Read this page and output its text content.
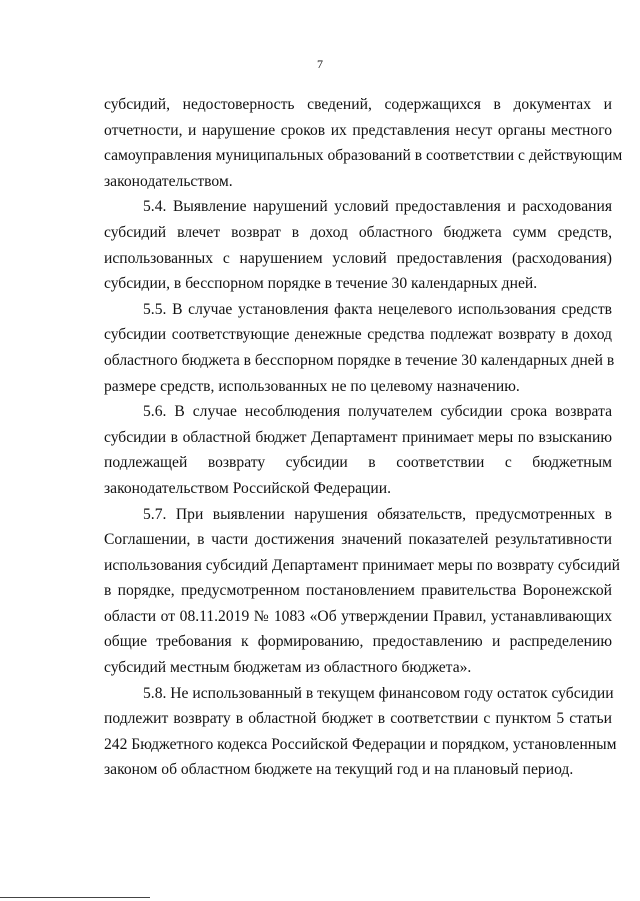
7
субсидий, недостоверность сведений, содержащихся в документах и
отчетности, и нарушение сроков их представления несут органы местного
самоуправления муниципальных образований в соответствии с действующим
законодательством.
5.4. Выявление нарушений условий предоставления и расходования
субсидий влечет возврат в доход областного бюджета сумм средств,
использованных с нарушением условий предоставления (расходования)
субсидии, в бесспорном порядке в течение 30 календарных дней.
5.5. В случае установления факта нецелевого использования средств
субсидии соответствующие денежные средства подлежат возврату в доход
областного бюджета в бесспорном порядке в течение 30 календарных дней в
размере средств, использованных не по целевому назначению.
5.6. В случае несоблюдения получателем субсидии срока возврата
субсидии в областной бюджет Департамент принимает меры по взысканию
подлежащей возврату субсидии в соответствии с бюджетным
законодательством Российской Федерации.
5.7. При выявлении нарушения обязательств, предусмотренных в
Соглашении, в части достижения значений показателей результативности
использования субсидий Департамент принимает меры по возврату субсидий
в порядке, предусмотренном постановлением правительства Воронежской
области от 08.11.2019 № 1083 «Об утверждении Правил, устанавливающих
общие требования к формированию, предоставлению и распределению
субсидий местным бюджетам из областного бюджета».
5.8. Не использованный в текущем финансовом году остаток субсидии
подлежит возврату в областной бюджет в соответствии с пунктом 5 статьи
242 Бюджетного кодекса Российской Федерации и порядком, установленным
законом об областном бюджете на текущий год и на плановый период.
